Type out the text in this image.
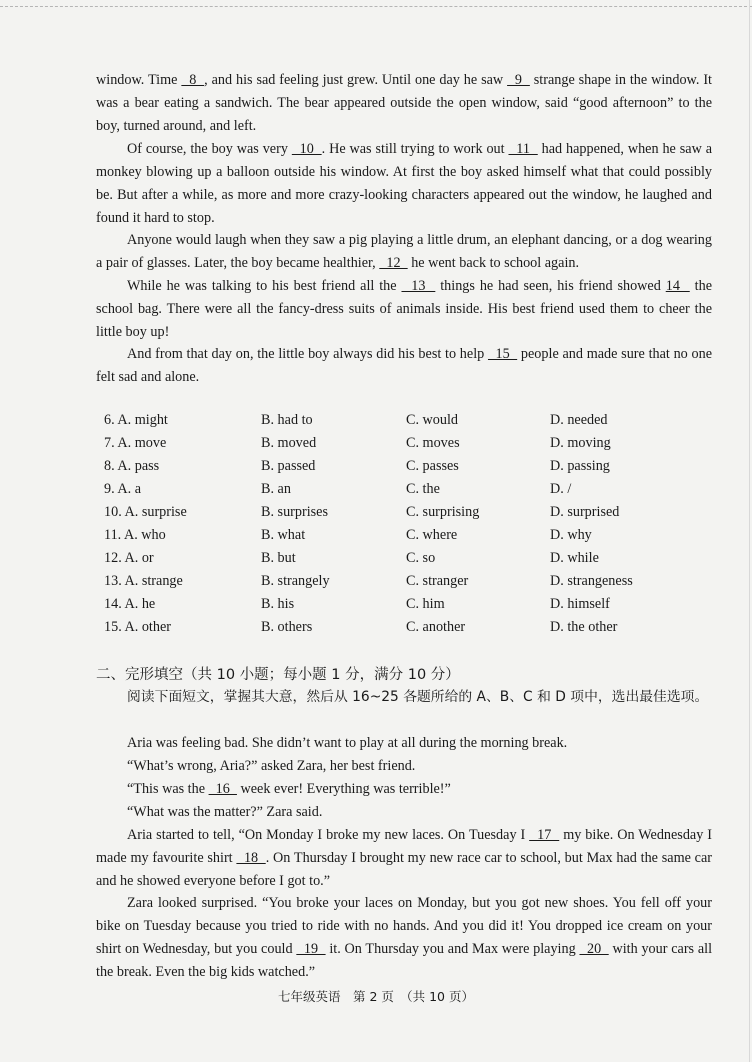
window. Time   8  , and his sad feeling just grew. Until one day he saw   9   strange shape in the window. It was a bear eating a sandwich. The bear appeared outside the open window, said “good afternoon” to the boy, turned around, and left.
Of course, the boy was very   10  . He was still trying to work out   11   had happened, when he saw a monkey blowing up a balloon outside his window. At first the boy asked himself what that could possibly be. But after a while, as more and more crazy-looking characters appeared out the window, he laughed and found it hard to stop.
Anyone would laugh when they saw a pig playing a little drum, an elephant dancing, or a dog wearing a pair of glasses. Later, the boy became healthier,   12   he went back to school again.
While he was talking to his best friend all the   13   things he had seen, his friend showed 14   the school bag. There were all the fancy-dress suits of animals inside. His best friend used them to cheer the little boy up!
And from that day on, the little boy always did his best to help   15   people and made sure that no one felt sad and alone.
6. A. might	B. had to	C. would	D. needed
7. A. move	B. moved	C. moves	D. moving
8. A. pass	B. passed	C. passes	D. passing
9. A. a	B. an	C. the	D. /
10. A. surprise	B. surprises	C. surprising	D. surprised
11. A. who	B. what	C. where	D. why
12. A. or	B. but	C. so	D. while
13. A. strange	B. strangely	C. stranger	D. strangeness
14. A. he	B. his	C. him	D. himself
15. A. other	B. others	C. another	D. the other
二、完形填空（共 10 小题；每小题 1 分，满分 10 分）
阅读下面短文，掌握其大意，然后从 16~25 各题所给的 A、B、C 和 D 项中，选出最佳选项。
Aria was feeling bad. She didn’t want to play at all during the morning break.
“What’s wrong, Aria?” asked Zara, her best friend.
“This was the   16   week ever! Everything was terrible!”
“What was the matter?” Zara said.
Aria started to tell, “On Monday I broke my new laces. On Tuesday I   17   my bike. On Wednesday I made my favourite shirt   18  . On Thursday I brought my new race car to school, but Max had the same car and he showed everyone before I got to.”
Zara looked surprised. “You broke your laces on Monday, but you got new shoes. You fell off your bike on Tuesday because you tried to ride with no hands. And you did it! You dropped ice cream on your shirt on Wednesday, but you could   19   it. On Thursday you and Max were playing   20   with your cars all the break. Even the big kids watched.”
七年级英语　第 2 页　（共 10 页）
